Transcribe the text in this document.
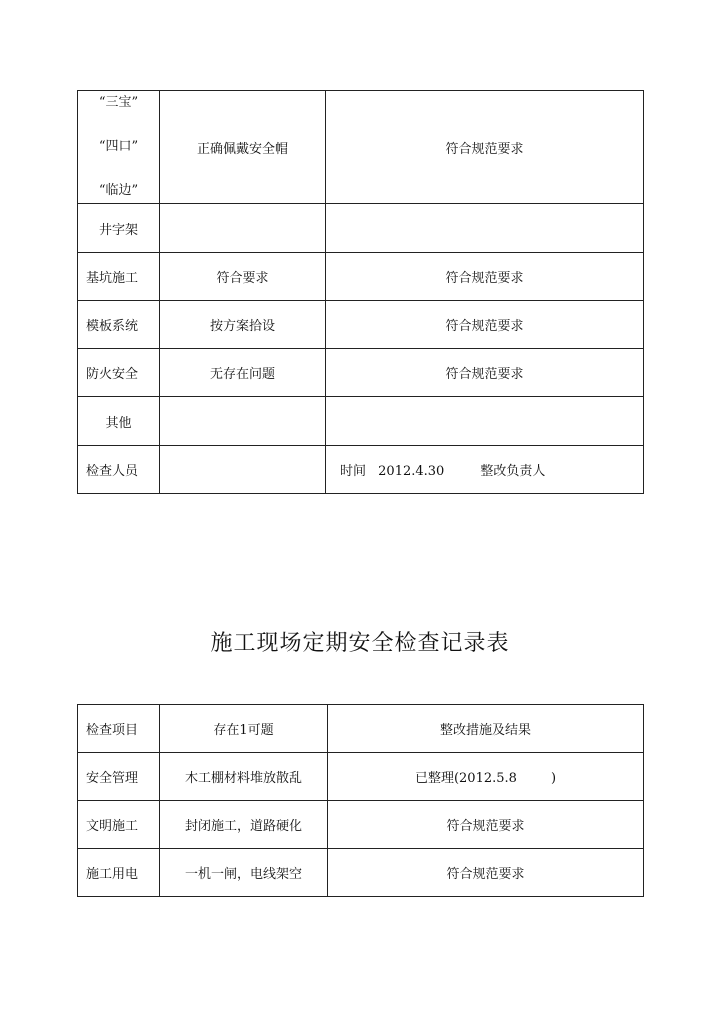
“三宝”
“四口”
“临边”	正确佩戴安全帽	符合规范要求
井字架		
基坑施工	符合要求	符合规范要求
模板系统	按方案拾设	符合规范要求
防火安全	无存在问题	符合规范要求
其他		
检查人员		时间 2012.4.30 整改负责人
施工现场定期安全检查记录表
检查项目	存在1可题	整改措施及结果
安全管理	木工棚材料堆放散乱	已整理(2012.5.8 )
文明施工	封闭施工，道路硬化	符合规范要求
施工用电	一机一闸，电线架空	符合规范要求
